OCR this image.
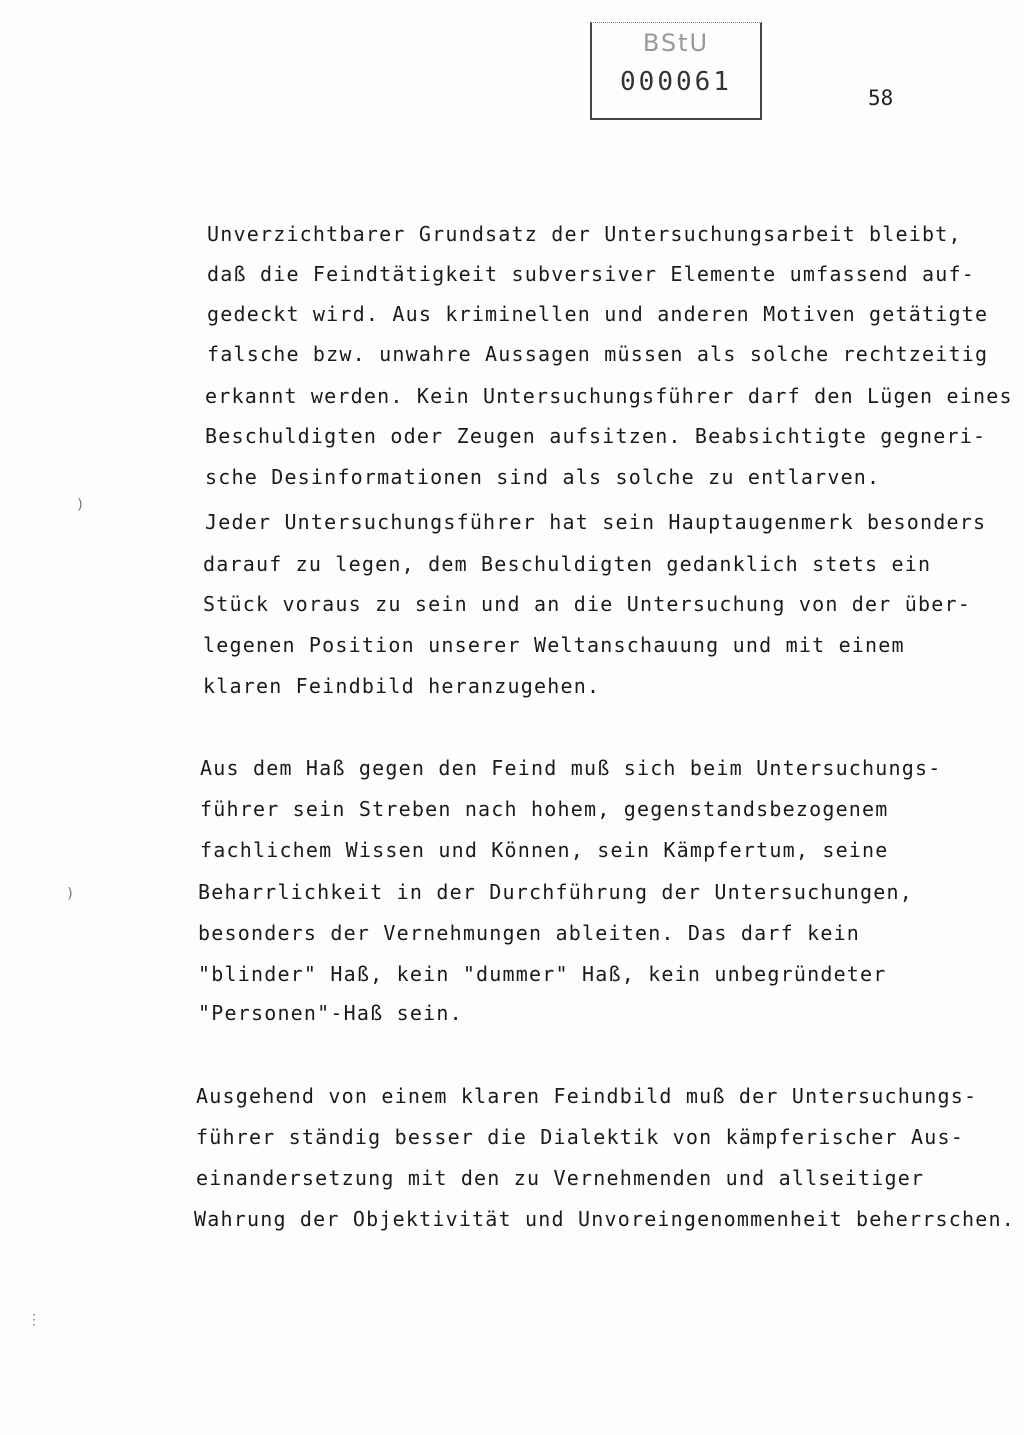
BStU
000061
58
Unverzichtbarer Grundsatz der Untersuchungsarbeit bleibt,
daß die Feindtätigkeit subversiver Elemente umfassend auf-
gedeckt wird. Aus kriminellen und anderen Motiven getätigte
falsche bzw. unwahre Aussagen müssen als solche rechtzeitig
erkannt werden. Kein Untersuchungsführer darf den Lügen eines
Beschuldigten oder Zeugen aufsitzen. Beabsichtigte gegneri-
sche Desinformationen sind als solche zu entlarven.
Jeder Untersuchungsführer hat sein Hauptaugenmerk besonders
darauf zu legen, dem Beschuldigten gedanklich stets ein
Stück voraus zu sein und an die Untersuchung von der über-
legenen Position unserer Weltanschauung und mit einem
klaren Feindbild heranzugehen.
Aus dem Haß gegen den Feind muß sich beim Untersuchungs-
führer sein Streben nach hohem, gegenstandsbezogenem
fachlichem Wissen und Können, sein Kämpfertum, seine
Beharrlichkeit in der Durchführung der Untersuchungen,
besonders der Vernehmungen ableiten. Das darf kein
"blinder" Haß, kein "dummer" Haß, kein unbegründeter
"Personen"-Haß sein.
Ausgehend von einem klaren Feindbild muß der Untersuchungs-
führer ständig besser die Dialektik von kämpferischer Aus-
einandersetzung mit den zu Vernehmenden und allseitiger
Wahrung der Objektivität und Unvoreingenommenheit beherrschen.
)
)
⋮
